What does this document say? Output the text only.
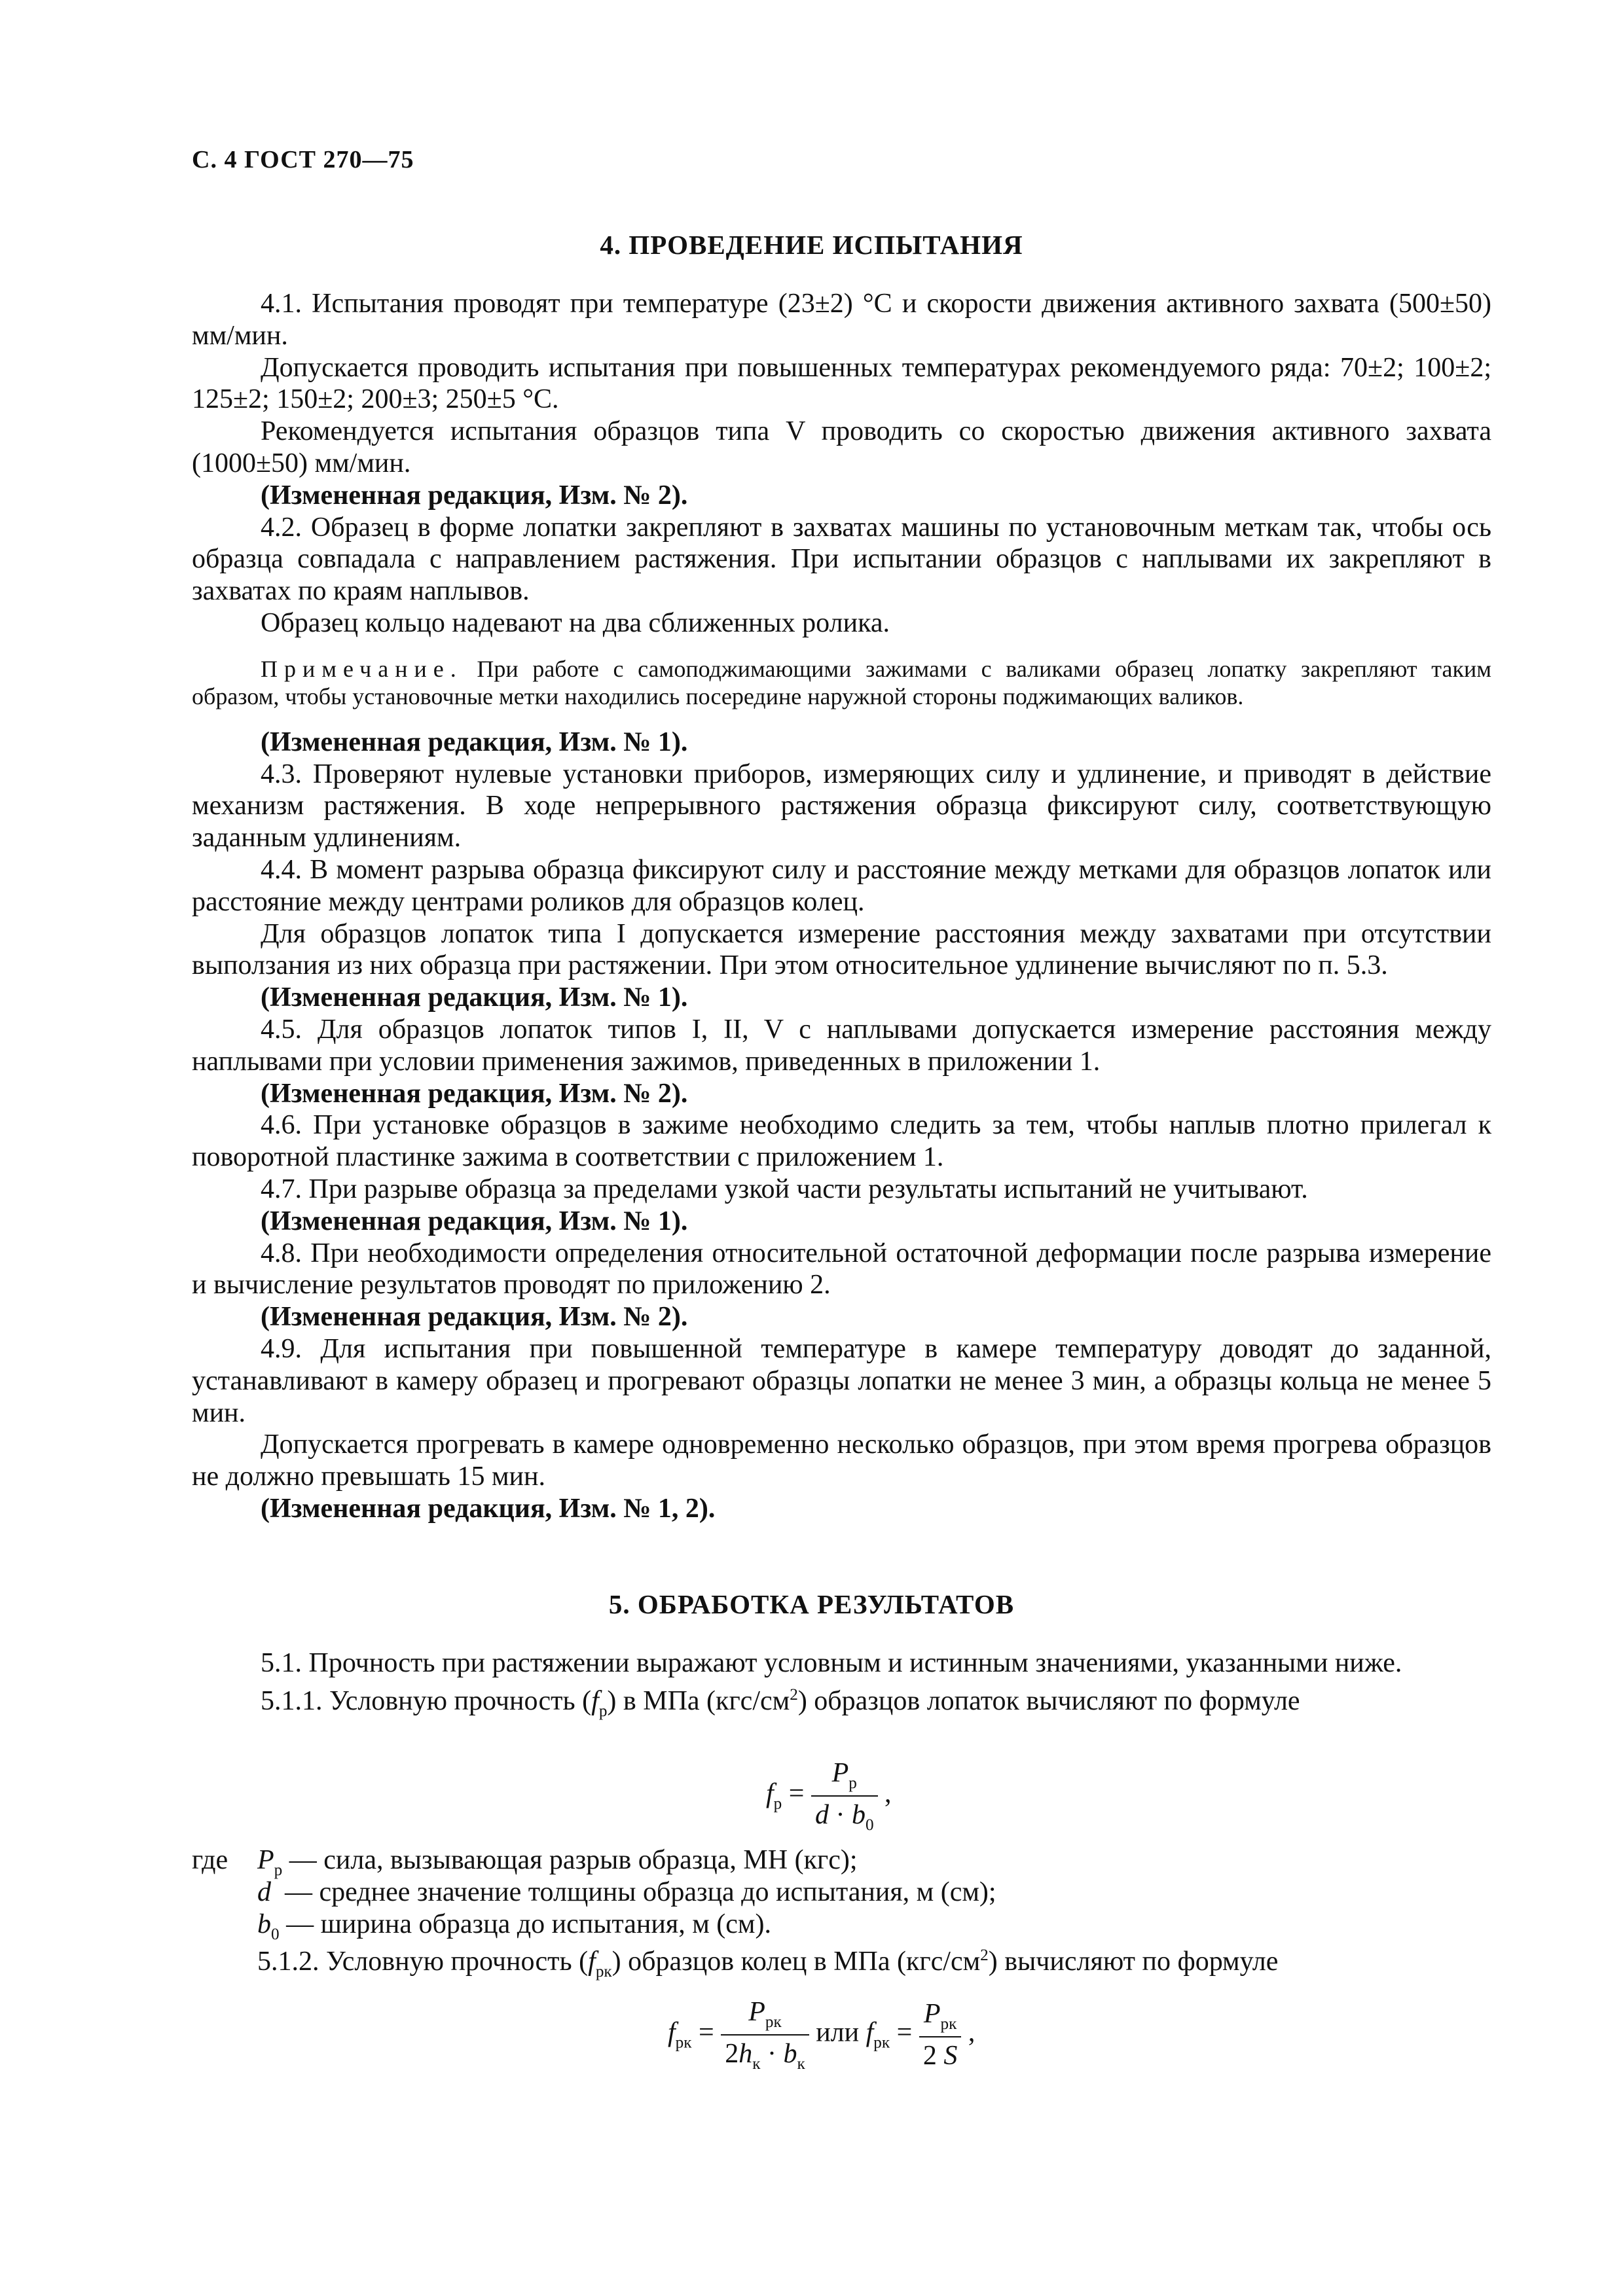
С. 4 ГОСТ 270—75
4. ПРОВЕДЕНИЕ ИСПЫТАНИЯ

4.1. Испытания проводят при температуре (23±2) °С и скорости движения активного захвата (500±50) мм/мин.

Допускается проводить испытания при повышенных температурах рекомендуемого ряда: 70±2; 100±2; 125±2; 150±2; 200±3; 250±5 °С.

Рекомендуется испытания образцов типа V проводить со скоростью движения активного захвата (1000±50) мм/мин.

(Измененная редакция, Изм. № 2).

4.2. Образец в форме лопатки закрепляют в захватах машины по установочным меткам так, чтобы ось образца совпадала с направлением растяжения. При испытании образцов с наплывами их закрепляют в захватах по краям наплывов.

Образец кольцо надевают на два сближенных ролика.

Примечание. При работе с самоподжимающими зажимами с валиками образец лопатку закрепляют таким образом, чтобы установочные метки находились посередине наружной стороны поджимающих валиков.

(Измененная редакция, Изм. № 1).

4.3. Проверяют нулевые установки приборов, измеряющих силу и удлинение, и приводят в действие механизм растяжения. В ходе непрерывного растяжения образца фиксируют силу, соответствующую заданным удлинениям.

4.4. В момент разрыва образца фиксируют силу и расстояние между метками для образцов лопаток или расстояние между центрами роликов для образцов колец.

Для образцов лопаток типа I допускается измерение расстояния между захватами при отсутствии выползания из них образца при растяжении. При этом относительное удлинение вычисляют по п. 5.3.

(Измененная редакция, Изм. № 1).

4.5. Для образцов лопаток типов I, II, V с наплывами допускается измерение расстояния между наплывами при условии применения зажимов, приведенных в приложении 1.

(Измененная редакция, Изм. № 2).

4.6. При установке образцов в зажиме необходимо следить за тем, чтобы наплыв плотно прилегал к поворотной пластинке зажима в соответствии с приложением 1.

4.7. При разрыве образца за пределами узкой части результаты испытаний не учитывают.

(Измененная редакция, Изм. № 1).

4.8. При необходимости определения относительной остаточной деформации после разрыва измерение и вычисление результатов проводят по приложению 2.

(Измененная редакция, Изм. № 2).

4.9. Для испытания при повышенной температуре в камере температуру доводят до заданной, устанавливают в камеру образец и прогревают образцы лопатки не менее 3 мин, а образцы кольца не менее 5 мин.

Допускается прогревать в камере одновременно несколько образцов, при этом время прогрева образцов не должно превышать 15 мин.

(Измененная редакция, Изм. № 1, 2).

5. ОБРАБОТКА РЕЗУЛЬТАТОВ

5.1. Прочность при растяжении выражают условным и истинным значениями, указанными ниже.

5.1.1. Условную прочность $(f_р)$ в МПа $(кгс/см^2)$ образцов лопаток вычисляют по формуле

$f_р = \frac{P_р}{d \cdot b_0}$ ,
где $P_р$ — сила, вызывающая разрыв образца, МН (кгс);
d — среднее значение толщины образца до испытания, м (см);
$b_0$ — ширина образца до испытания, м (см).
5.1.2. Условную прочность $(f_{рк})$ образцов колец в МПа $(кгс/см^2)$ вычисляют по формуле
$f_{рк} = \frac{P_{рк}}{2h_к \cdot b_к}$ или $f_{рк} = \frac{P_{рк}}{2 S}$ ,
